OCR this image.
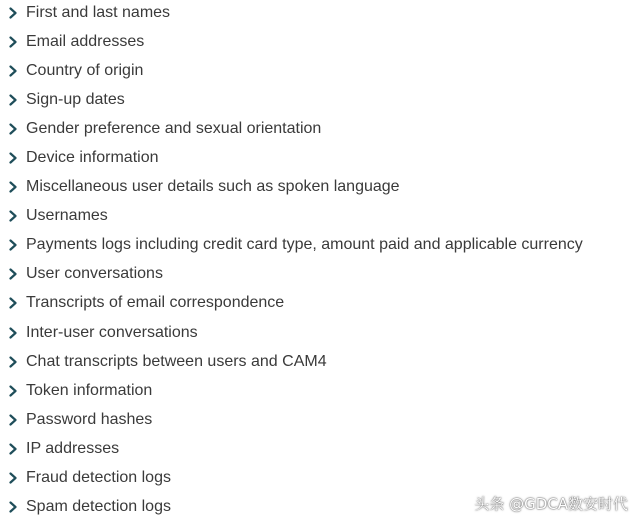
First and last names
Email addresses
Country of origin
Sign-up dates
Gender preference and sexual orientation
Device information
Miscellaneous user details such as spoken language
Usernames
Payments logs including credit card type, amount paid and applicable currency
User conversations
Transcripts of email correspondence
Inter-user conversations
Chat transcripts between users and CAM4
Token information
Password hashes
IP addresses
Fraud detection logs
Spam detection logs	头条 @GDCA数安时代
